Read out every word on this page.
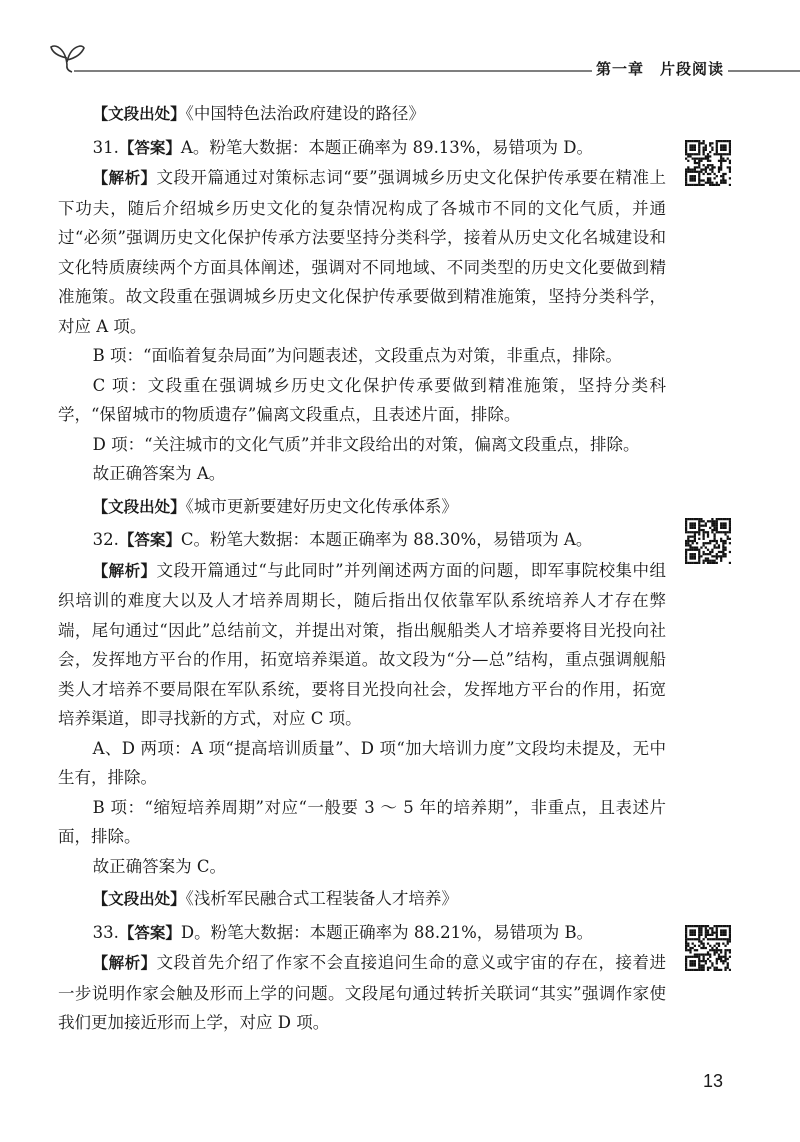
第一章　片段阅读

【文段出处】《中国特色法治政府建设的路径》

31.【答案】A。粉笔大数据：本题正确率为 89.13%，易错项为 D。

【解析】文段开篇通过对策标志词“要”强调城乡历史文化保护传承要在精准上下功夫，随后介绍城乡历史文化的复杂情况构成了各城市不同的文化气质，并通过“必须”强调历史文化保护传承方法要坚持分类科学，接着从历史文化名城建设和文化特质赓续两个方面具体阐述，强调对不同地域、不同类型的历史文化要做到精准施策。故文段重在强调城乡历史文化保护传承要做到精准施策，坚持分类科学，对应 A 项。

B 项：“面临着复杂局面”为问题表述，文段重点为对策，非重点，排除。

C 项：文段重在强调城乡历史文化保护传承要做到精准施策，坚持分类科学，“保留城市的物质遗存”偏离文段重点，且表述片面，排除。

D 项：“关注城市的文化气质”并非文段给出的对策，偏离文段重点，排除。

故正确答案为 A。

【文段出处】《城市更新要建好历史文化传承体系》

32.【答案】C。粉笔大数据：本题正确率为 88.30%，易错项为 A。

【解析】文段开篇通过“与此同时”并列阐述两方面的问题，即军事院校集中组织培训的难度大以及人才培养周期长，随后指出仅依靠军队系统培养人才存在弊端，尾句通过“因此”总结前文，并提出对策，指出舰船类人才培养要将目光投向社会，发挥地方平台的作用，拓宽培养渠道。故文段为“分—总”结构，重点强调舰船类人才培养不要局限在军队系统，要将目光投向社会，发挥地方平台的作用，拓宽培养渠道，即寻找新的方式，对应 C 项。

A、D 两项：A 项“提高培训质量”、D 项“加大培训力度”文段均未提及，无中生有，排除。

B 项：“缩短培养周期”对应“一般要 3 ～ 5 年的培养期”，非重点，且表述片面，排除。

故正确答案为 C。

【文段出处】《浅析军民融合式工程装备人才培养》

33.【答案】D。粉笔大数据：本题正确率为 88.21%，易错项为 B。

【解析】文段首先介绍了作家不会直接追问生命的意义或宇宙的存在，接着进一步说明作家会触及形而上学的问题。文段尾句通过转折关联词“其实”强调作家使我们更加接近形而上学，对应 D 项。

13
